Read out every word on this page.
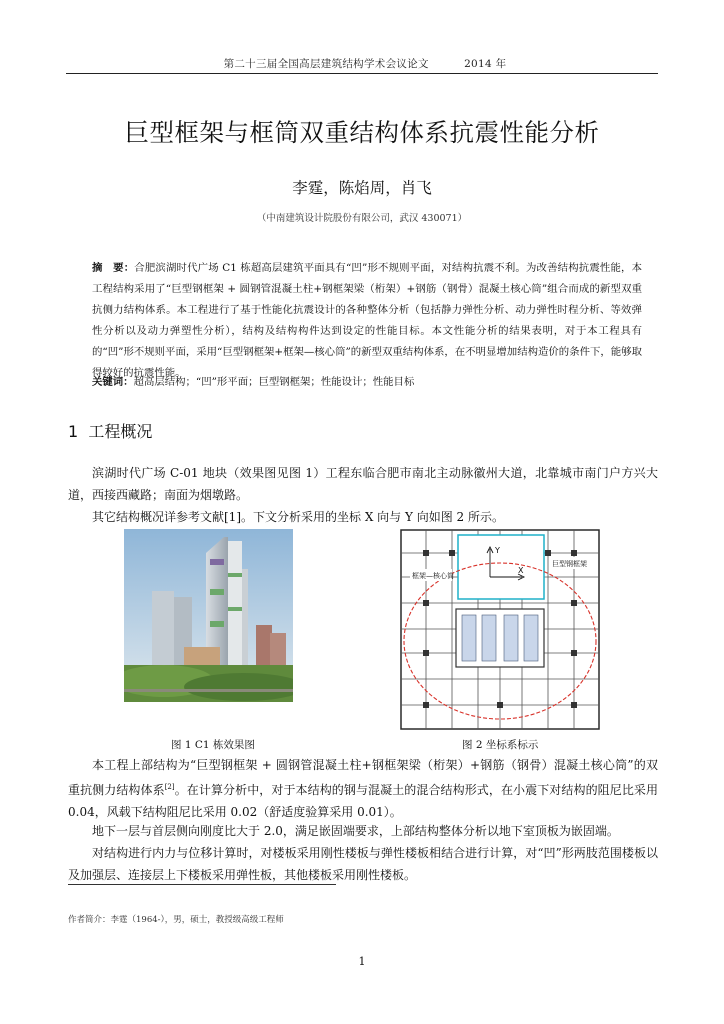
第二十三届全国高层建筑结构学术会议论文	2014 年
巨型框架与框筒双重结构体系抗震性能分析
李霆，陈焰周，肖飞
（中南建筑设计院股份有限公司，武汉 430071）
摘　要：合肥滨湖时代广场 C1 栋超高层建筑平面具有“凹”形不规则平面，对结构抗震不利。为改善结构抗震性能，本工程结构采用了“巨型钢框架 + 圆钢管混凝土柱+钢框架梁（桁架）+钢筋（钢骨）混凝土核心筒”组合而成的新型双重抗侧力结构体系。本工程进行了基于性能化抗震设计的各种整体分析（包括静力弹性分析、动力弹性时程分析、等效弹性分析以及动力弹塑性分析），结构及结构构件达到设定的性能目标。本文性能分析的结果表明，对于本工程具有的“凹”形不规则平面，采用“巨型钢框架+框架—核心筒”的新型双重结构体系，在不明显增加结构造价的条件下，能够取得较好的抗震性能。
关键词：超高层结构；“凹”形平面；巨型钢框架；性能设计；性能目标
1 工程概况
滨湖时代广场 C-01 地块（效果图见图 1）工程东临合肥市南北主动脉徽州大道，北靠城市南门户方兴大道，西接西藏路；南面为烟墩路。
其它结构概况详参考文献[1]。下文分析采用的坐标 X 向与 Y 向如图 2 所示。
Y
X
框架—核心筒
巨型钢框架
图 1 C1 栋效果图	图 2 坐标系标示
本工程上部结构为“巨型钢框架 + 圆钢管混凝土柱+钢框架梁（桁架）+钢筋（钢骨）混凝土核心筒”的双重抗侧力结构体系[2]。在计算分析中，对于本结构的钢与混凝土的混合结构形式，在小震下对结构的阻尼比采用 0.04，风载下结构阻尼比采用 0.02（舒适度验算采用 0.01）。
地下一层与首层侧向刚度比大于 2.0，满足嵌固端要求，上部结构整体分析以地下室顶板为嵌固端。
对结构进行内力与位移计算时，对楼板采用刚性楼板与弹性楼板相结合进行计算，对“凹”形两肢范围楼板以及加强层、连接层上下楼板采用弹性板，其他楼板采用刚性楼板。
作者简介：李霆（1964-），男，硕士，教授级高级工程师
1
